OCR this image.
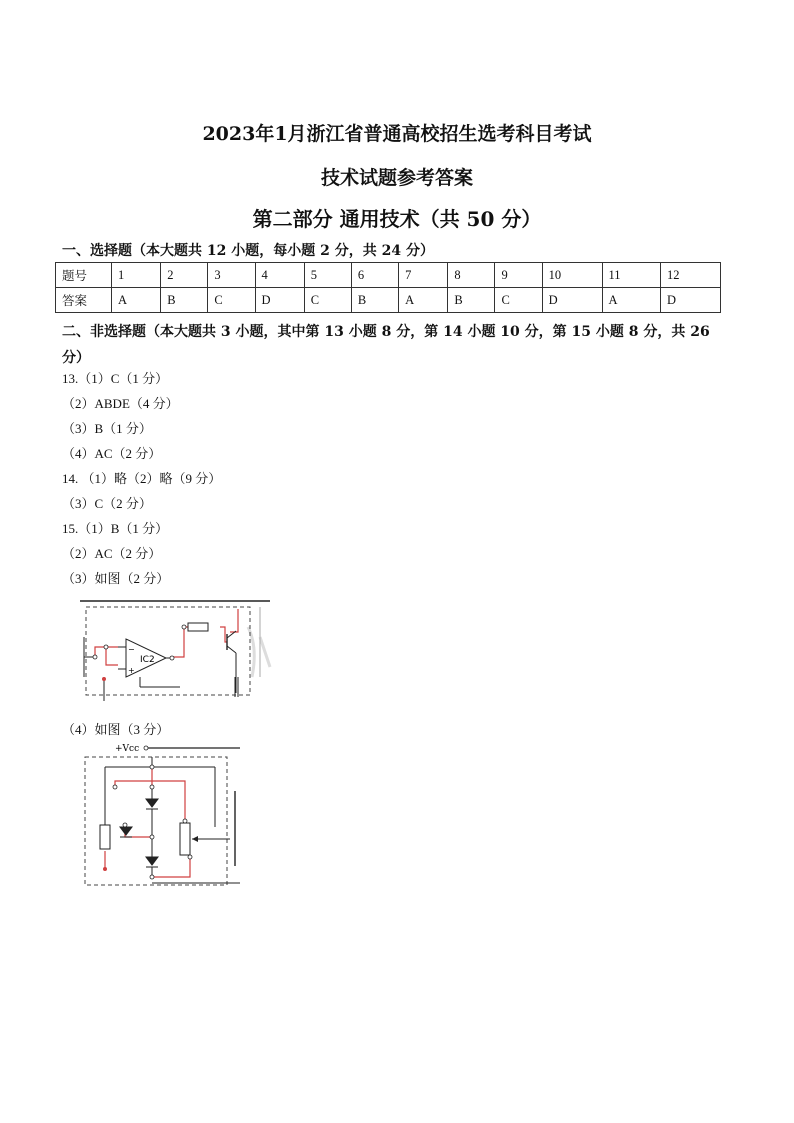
2023年1月浙江省普通高校招生选考科目考试
技术试题参考答案
第二部分 通用技术（共 50 分）
一、选择题（本大题共 12 小题，每小题 2 分，共 24 分）
题号	1	2	3	4	5	6	7	8	9	10	11	12
答案	A	B	C	D	C	B	A	B	C	D	A	D
二、非选择题（本大题共 3 小题，其中第 13 小题 8 分，第 14 小题 10 分，第 15 小题 8 分，共 26 分）
13.（1）C（1 分）
（2）ABDE（4 分）
（3）B（1 分）
（4）AC（2 分）
14. （1）略（2）略（9 分）
（3）C（2 分）
15.（1）B（1 分）
（2）AC（2 分）
（3）如图（2 分）
IC2
−
+
（4）如图（3 分）
+Vcc
